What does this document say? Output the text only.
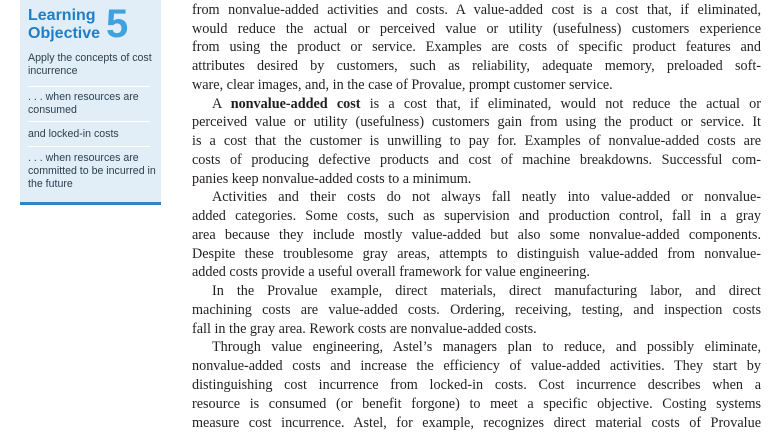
Learning
Objective 5
Apply the concepts of cost incurrence
. . . when resources are consumed
and locked-in costs
. . . when resources are committed to be incurred in the future
from nonvalue-added activities and costs. A value-added cost is a cost that, if eliminated,
would reduce the actual or perceived value or utility (usefulness) customers experience
from using the product or service. Examples are costs of specific product features and
attributes desired by customers, such as reliability, adequate memory, preloaded soft-
ware, clear images, and, in the case of Provalue, prompt customer service.
A nonvalue-added cost is a cost that, if eliminated, would not reduce the actual or
perceived value or utility (usefulness) customers gain from using the product or service. It
is a cost that the customer is unwilling to pay for. Examples of nonvalue-added costs are
costs of producing defective products and cost of machine breakdowns. Successful com-
panies keep nonvalue-added costs to a minimum.
Activities and their costs do not always fall neatly into value-added or nonvalue-
added categories. Some costs, such as supervision and production control, fall in a gray
area because they include mostly value-added but also some nonvalue-added components.
Despite these troublesome gray areas, attempts to distinguish value-added from nonvalue-
added costs provide a useful overall framework for value engineering.
In the Provalue example, direct materials, direct manufacturing labor, and direct
machining costs are value-added costs. Ordering, receiving, testing, and inspection costs
fall in the gray area. Rework costs are nonvalue-added costs.
Through value engineering, Astel’s managers plan to reduce, and possibly eliminate,
nonvalue-added costs and increase the efficiency of value-added activities. They start by
distinguishing cost incurrence from locked-in costs. Cost incurrence describes when a
resource is consumed (or benefit forgone) to meet a specific objective. Costing systems
measure cost incurrence. Astel, for example, recognizes direct material costs of Provalue
